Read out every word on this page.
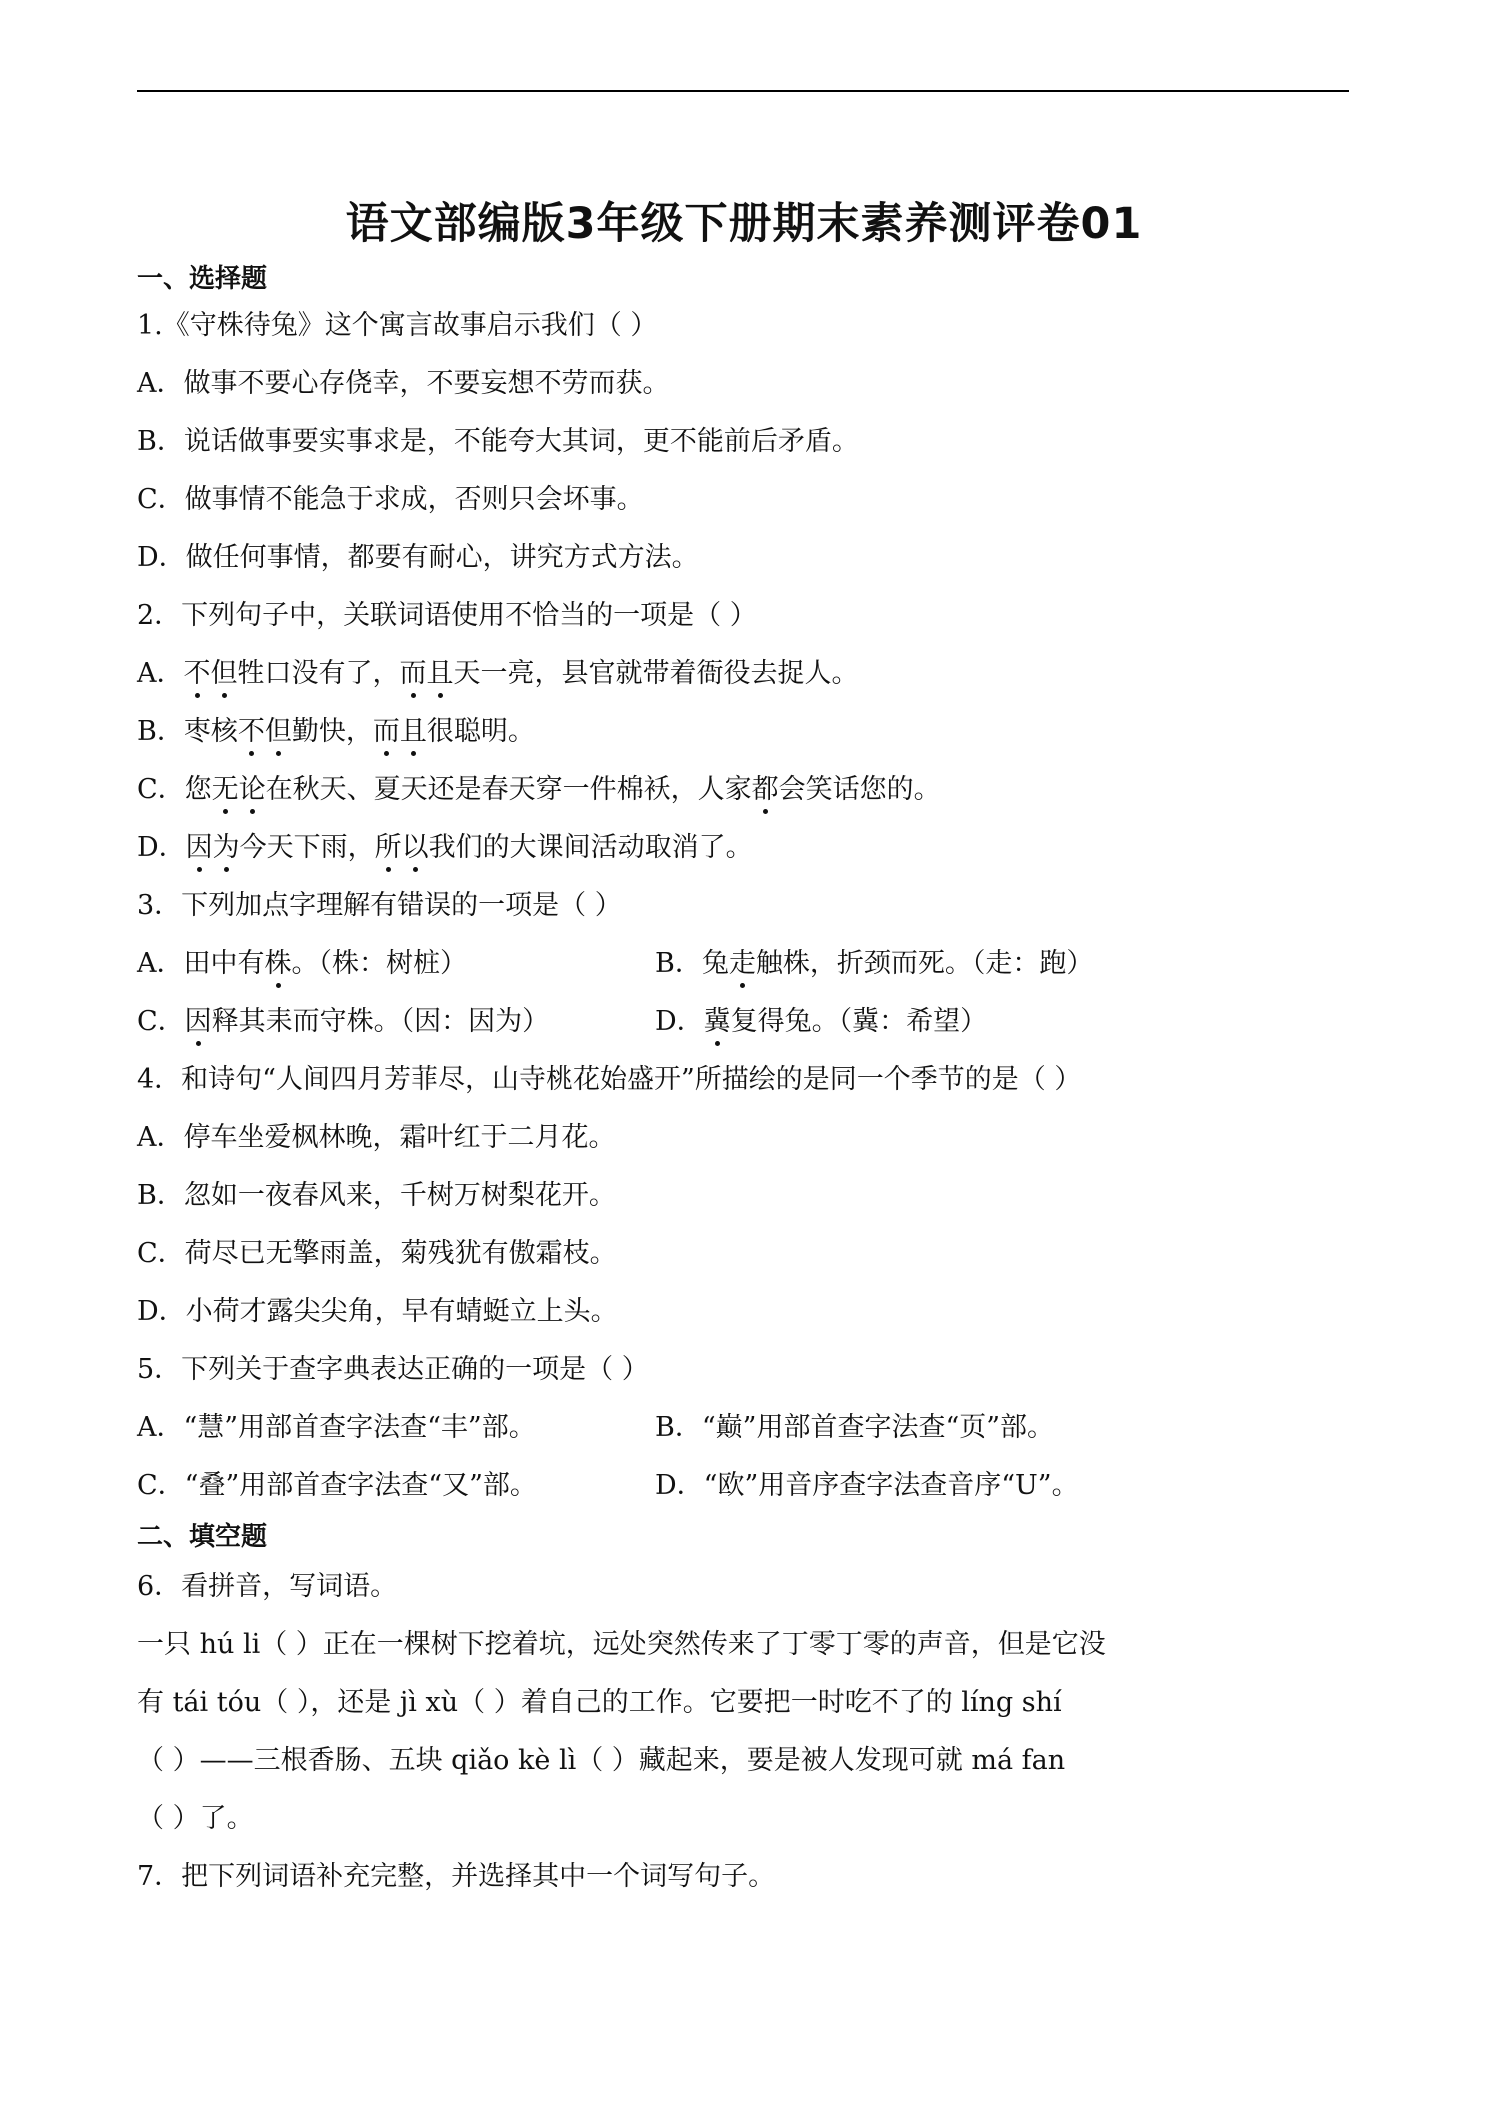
语文部编版3年级下册期末素养测评卷01
一、选择题
1.《守株待兔》这个寓言故事启示我们（ ）
A．做事不要心存侥幸，不要妄想不劳而获。
B．说话做事要实事求是，不能夸大其词，更不能前后矛盾。
C．做事情不能急于求成，否则只会坏事。
D．做任何事情，都要有耐心，讲究方式方法。
2．下列句子中，关联词语使用不恰当的一项是（ ）
A．不但牲口没有了，而且天一亮，县官就带着衙役去捉人。
B．枣核不但勤快，而且很聪明。
C．您无论在秋天、夏天还是春天穿一件棉袄，人家都会笑话您的。
D．因为今天下雨，所以我们的大课间活动取消了。
3．下列加点字理解有错误的一项是（ ）
A．田中有株。（株：树桩）	B．兔走触株，折颈而死。（走：跑）
C．因释其耒而守株。（因：因为）	D．冀复得兔。（冀：希望）
4．和诗句“人间四月芳菲尽，山寺桃花始盛开”所描绘的是同一个季节的是（ ）
A．停车坐爱枫林晚，霜叶红于二月花。
B．忽如一夜春风来，千树万树梨花开。
C．荷尽已无擎雨盖，菊残犹有傲霜枝。
D．小荷才露尖尖角，早有蜻蜓立上头。
5．下列关于查字典表达正确的一项是（ ）
A．“慧”用部首查字法查“丰”部。	B．“巅”用部首查字法查“页”部。
C．“叠”用部首查字法查“又”部。	D．“欧”用音序查字法查音序“U”。
二、填空题
6．看拼音，写词语。
一只 hú li（ ）正在一棵树下挖着坑，远处突然传来了丁零丁零的声音，但是它没
有 tái tóu（ ），还是 jì xù（ ）着自己的工作。它要把一时吃不了的 líng shí
（ ）——三根香肠、五块 qiǎo kè lì（ ）藏起来，要是被人发现可就 má fan
（ ）了。
7．把下列词语补充完整，并选择其中一个词写句子。
